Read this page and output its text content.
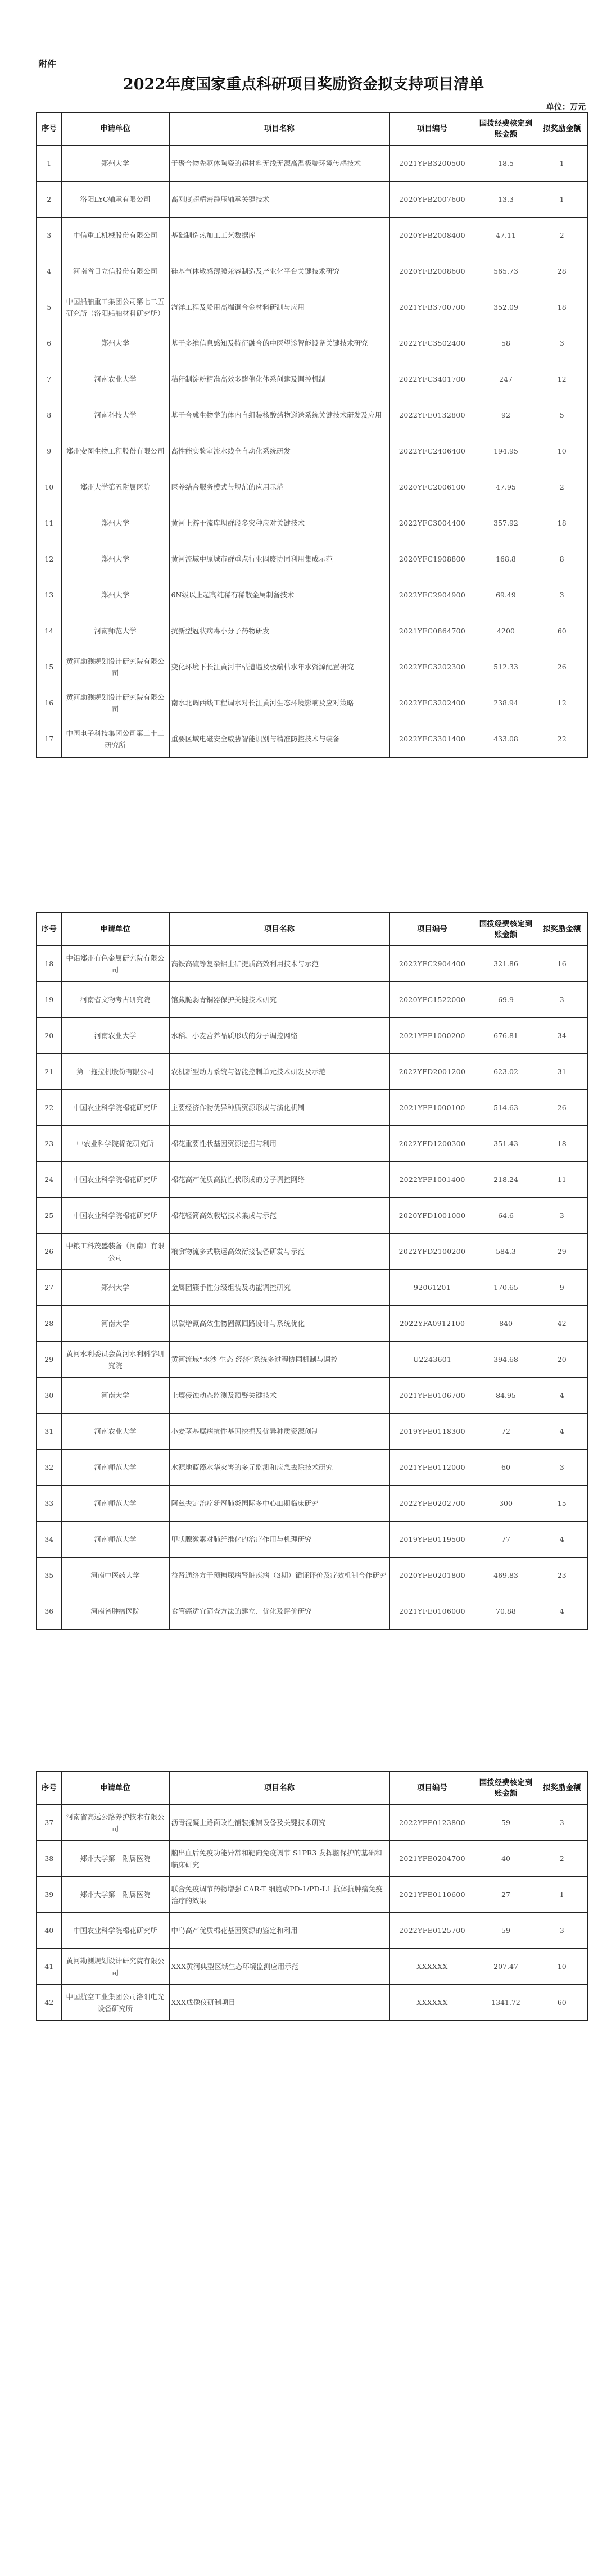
附件
2022年度国家重点科研项目奖励资金拟支持项目清单
单位：万元
序号	申请单位	项目名称	项目编号	国拨经费核定到账金额	拟奖励金额
1	郑州大学	于聚合物先驱体陶瓷的超材料无线无源高温极端环境传感技术	2021YFB3200500	18.5	1
2	洛阳LYC轴承有限公司	高刚度超精密静压轴承关键技术	2020YFB2007600	13.3	1
3	中信重工机械股份有限公司	基础制造热加工工艺数据库	2020YFB2008400	47.11	2
4	河南省日立信股份有限公司	硅基气体敏感薄膜兼容制造及产业化平台关键技术研究	2020YFB2008600	565.73	28
5	中国船舶重工集团公司第七二五研究所（洛阳船舶材料研究所）	海洋工程及船用高端铜合金材料研制与应用	2021YFB3700700	352.09	18
6	郑州大学	基于多维信息感知及特征融合的中医望诊智能设备关键技术研究	2022YFC3502400	58	3
7	河南农业大学	秸秆制淀粉精准高效多酶催化体系创建及调控机制	2022YFC3401700	247	12
8	河南科技大学	基于合成生物学的体内自组装核酸药物递送系统关键技术研发及应用	2022YFE0132800	92	5
9	郑州安图生物工程股份有限公司	高性能实验室流水线全自动化系统研发	2022YFC2406400	194.95	10
10	郑州大学第五附属医院	医养结合服务模式与规范的应用示范	2020YFC2006100	47.95	2
11	郑州大学	黄河上游干流库坝群段多灾种应对关键技术	2022YFC3004400	357.92	18
12	郑州大学	黄河流域中原城市群重点行业固废协同利用集成示范	2020YFC1908800	168.8	8
13	郑州大学	6N级以上超高纯稀有稀散金属制备技术	2022YFC2904900	69.49	3
14	河南师范大学	抗新型冠状病毒小分子药物研发	2021YFC0864700	4200	60
15	黄河勘测规划设计研究院有限公司	变化环境下长江黄河丰枯遭遇及极端枯水年水资源配置研究	2022YFC3202300	512.33	26
16	黄河勘测规划设计研究院有限公司	南水北调西线工程调水对长江黄河生态环境影响及应对策略	2022YFC3202400	238.94	12
17	中国电子科技集团公司第二十二研究所	重要区域电磁安全威胁智能识别与精准防控技术与装备	2022YFC3301400	433.08	22
序号	申请单位	项目名称	项目编号	国拨经费核定到账金额	拟奖励金额
18	中铝郑州有色金属研究院有限公司	高铁高硫等复杂铝土矿提质高效利用技术与示范	2022YFC2904400	321.86	16
19	河南省文物考古研究院	馆藏脆弱青铜器保护关键技术研究	2020YFC1522000	69.9	3
20	河南农业大学	水稻、小麦营养品质形成的分子调控网络	2021YFF1000200	676.81	34
21	第一拖拉机股份有限公司	农机新型动力系统与智能控制单元技术研发及示范	2022YFD2001200	623.02	31
22	中国农业科学院棉花研究所	主要经济作物优异种质资源形成与演化机制	2021YFF1000100	514.63	26
23	中农业科学院棉花研究所	棉花重要性状基因资源挖掘与利用	2022YFD1200300	351.43	18
24	中国农业科学院棉花研究所	棉花高产优质高抗性状形成的分子调控网络	2022YFF1001400	218.24	11
25	中国农业科学院棉花研究所	棉花轻简高效栽培技术集成与示范	2020YFD1001000	64.6	3
26	中粮工科茂盛装备（河南）有限公司	粮食物流多式联运高效衔接装备研发与示范	2022YFD2100200	584.3	29
27	郑州大学	金属团簇手性分级组装及功能调控研究	92061201	170.65	9
28	河南大学	以碳增氮高效生物固氮回路设计与系统优化	2022YFA0912100	840	42
29	黄河水利委员会黄河水利科学研究院	黄河流域“水沙-生态-经济”系统多过程协同机制与调控	U2243601	394.68	20
30	河南大学	土壤侵蚀动态监测及预警关键技术	2021YFE0106700	84.95	4
31	河南农业大学	小麦茎基腐病抗性基因挖掘及优异种质资源创制	2019YFE0118300	72	4
32	河南师范大学	水源地蓝藻水华灾害的多元监测和应急去除技术研究	2021YFE0112000	60	3
33	河南师范大学	阿兹夫定治疗新冠肺炎国际多中心Ⅲ期临床研究	2022YFE0202700	300	15
34	河南师范大学	甲状腺激素对肺纤维化的治疗作用与机理研究	2019YFE0119500	77	4
35	河南中医药大学	益肾通络方干预糖尿病肾脏疾病（3期）循证评价及疗效机制合作研究	2020YFE0201800	469.83	23
36	河南省肿瘤医院	食管癌适宜筛查方法的建立、优化及评价研究	2021YFE0106000	70.88	4
序号	申请单位	项目名称	项目编号	国拨经费核定到账金额	拟奖励金额
37	河南省高远公路养护技术有限公司	沥青混凝土路面改性铺装摊铺设备及关键技术研究	2022YFE0123800	59	3
38	郑州大学第一附属医院	脑出血后免疫功能异常和靶向免疫调节 S1PR3 发挥脑保护的基础和临床研究	2021YFE0204700	40	2
39	郑州大学第一附属医院	联合免疫调节药物增强 CAR-T 细胞或PD-1/PD-L1 抗体抗肿瘤免疫治疗的效果	2021YFE0110600	27	1
40	中国农业科学院棉花研究所	中乌高产优质棉花基因资源的鉴定和利用	2022YFE0125700	59	3
41	黄河勘测规划设计研究院有限公司	XXX黄河典型区域生态环境监测应用示范	XXXXXX	207.47	10
42	中国航空工业集团公司洛阳电光设备研究所	XXX成像仪研制项目	XXXXXX	1341.72	60
